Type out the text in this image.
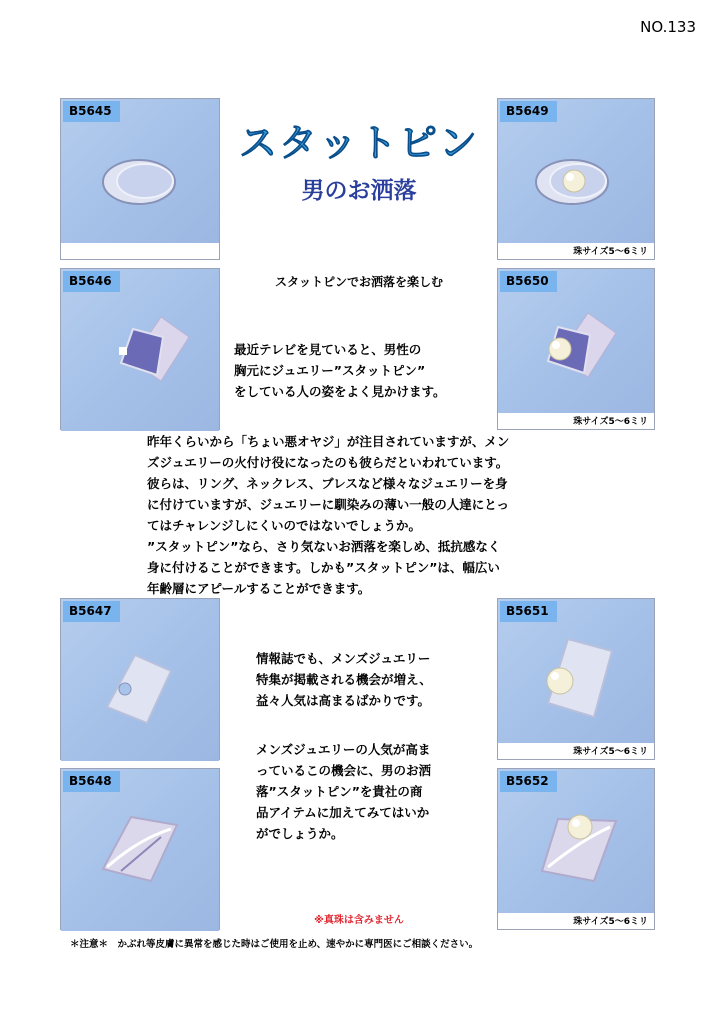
NO.133
B5645
B5646
B5647
B5648
B5649
珠サイズ5～6ミリ
B5650
珠サイズ5～6ミリ
B5651
珠サイズ5～6ミリ
B5652
珠サイズ5～6ミリ
スタットピン
男のお洒落
スタットピンでお洒落を楽しむ
最近テレビを見ていると、男性の
胸元にジュエリー”スタットピン”
をしている人の姿をよく見かけます。
昨年くらいから「ちょい悪オヤジ」が注目されていますが、メン
ズジュエリーの火付け役になったのも彼らだといわれています。
彼らは、リング、ネックレス、ブレスなど様々なジュエリーを身
に付けていますが、ジュエリーに馴染みの薄い一般の人達にとっ
てはチャレンジしにくいのではないでしょうか。
”スタットピン”なら、さり気ないお洒落を楽しめ、抵抗感なく
身に付けることができます。しかも”スタットピン”は、幅広い
年齢層にアピールすることができます。
情報誌でも、メンズジュエリー
特集が掲載される機会が増え、
益々人気は高まるばかりです。
メンズジュエリーの人気が高ま
っているこの機会に、男のお洒
落”スタットピン”を貴社の商
品アイテムに加えてみてはいか
がでしょうか。
※真珠は含みません
＊注意＊　かぶれ等皮膚に異常を感じた時はご使用を止め、速やかに専門医にご相談ください。
